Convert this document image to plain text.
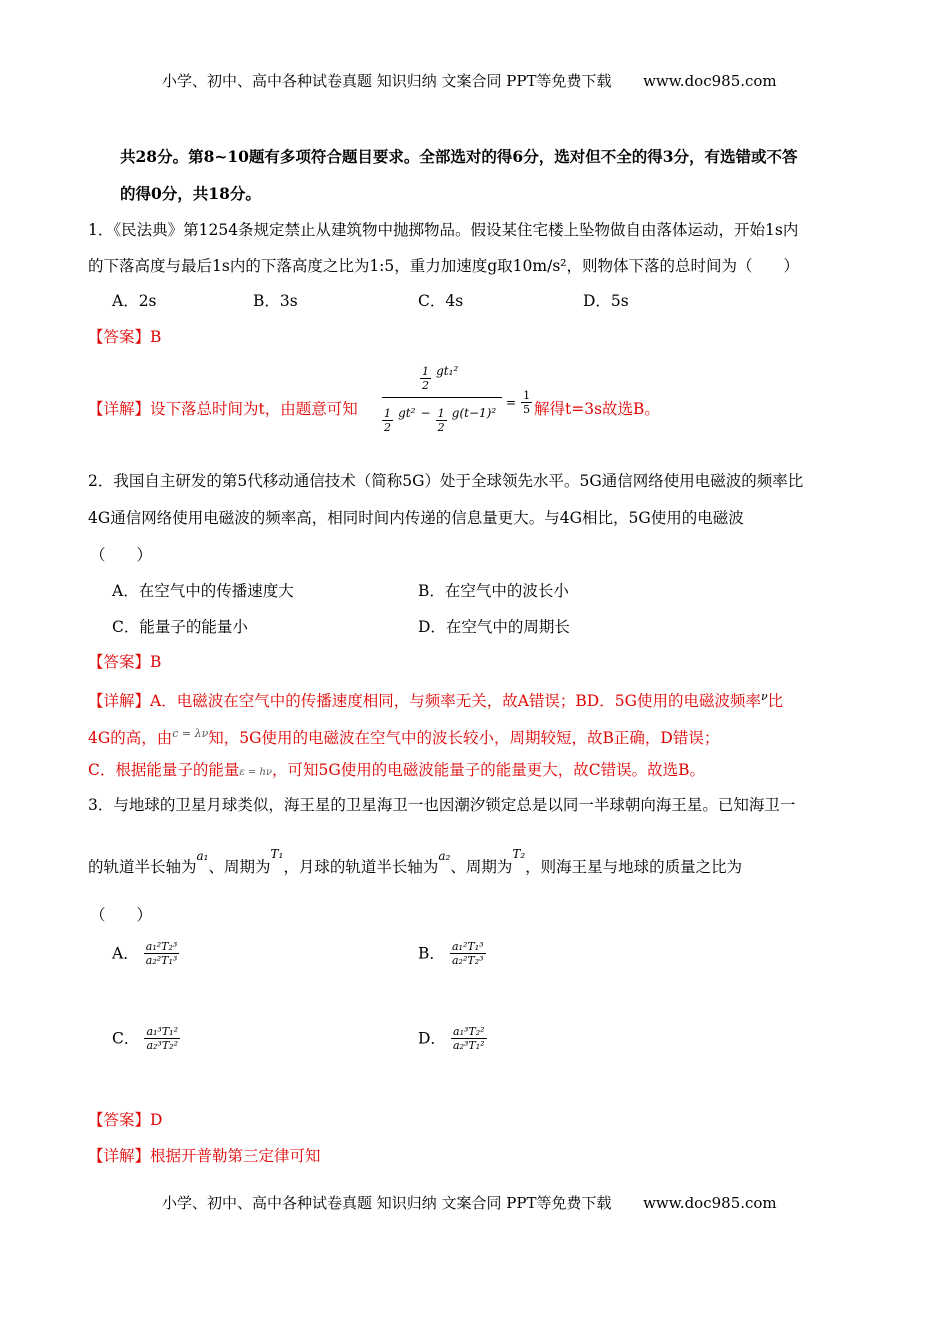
小学、初中、高中各种试卷真题 知识归纳 文案合同 PPT等免费下载 www.doc985.com
共28分。第8~10题有多项符合题目要求。全部选对的得6分，选对但不全的得3分，有选错或不答
的得0分，共18分。
1．《民法典》第1254条规定禁止从建筑物中抛掷物品。假设某住宅楼上坠物做自由落体运动，开始1s内
的下落高度与最后1s内的下落高度之比为1:5，重力加速度g取10m/s²，则物体下落的总时间为（　　）
A．2s	B．3s	C．4s	D．5s
【答案】B
【详解】设下落总时间为t，由题意可知
$\frac{1}{2} gt_1^2$
$\frac{1}{2} gt^2 - \frac{1}{2} g(t-1)^2$
= $\frac{1}{5}$ 解得t=3s故选B。
2．我国自主研发的第5代移动通信技术（简称5G）处于全球领先水平。5G通信网络使用电磁波的频率比
4G通信网络使用电磁波的频率高，相同时间内传递的信息量更大。与4G相比，5G使用的电磁波
（　　）
A．在空气中的传播速度大	B．在空气中的波长小
C．能量子的能量小	D．在空气中的周期长
【答案】B
【详解】A．电磁波在空气中的传播速度相同，与频率无关，故A错误；BD．5G使用的电磁波频率$^\nu$比
4G的高，由$^{c = \lambda\nu}$知，5G使用的电磁波在空气中的波长较小，周期较短，故B正确，D错误；
C．根据能量子的能量ε = hν，可知5G使用的电磁波能量子的能量更大，故C错误。故选B。
3．与地球的卫星月球类似，海王星的卫星海卫一也因潮汐锁定总是以同一半球朝向海王星。已知海卫一
的轨道半长轴为$^{a_1}$、周期为$^{T_1}$，月球的轨道半长轴为$^{a_2}$、周期为$^{T_2}$，则海王星与地球的质量之比为
（　　）
A． $\frac{\text{a₁²T₂³}}{\text{a₂²T₁³}}$	B． $\frac{\text{a₁²T₁³}}{\text{a₂²T₂³}}$
C． $\frac{\text{a₁³T₁²}}{\text{a₂³T₂²}}$	D． $\frac{\text{a₁³T₂²}}{\text{a₂³T₁²}}$
【答案】D
【详解】根据开普勒第三定律可知
小学、初中、高中各种试卷真题 知识归纳 文案合同 PPT等免费下载 www.doc985.com
